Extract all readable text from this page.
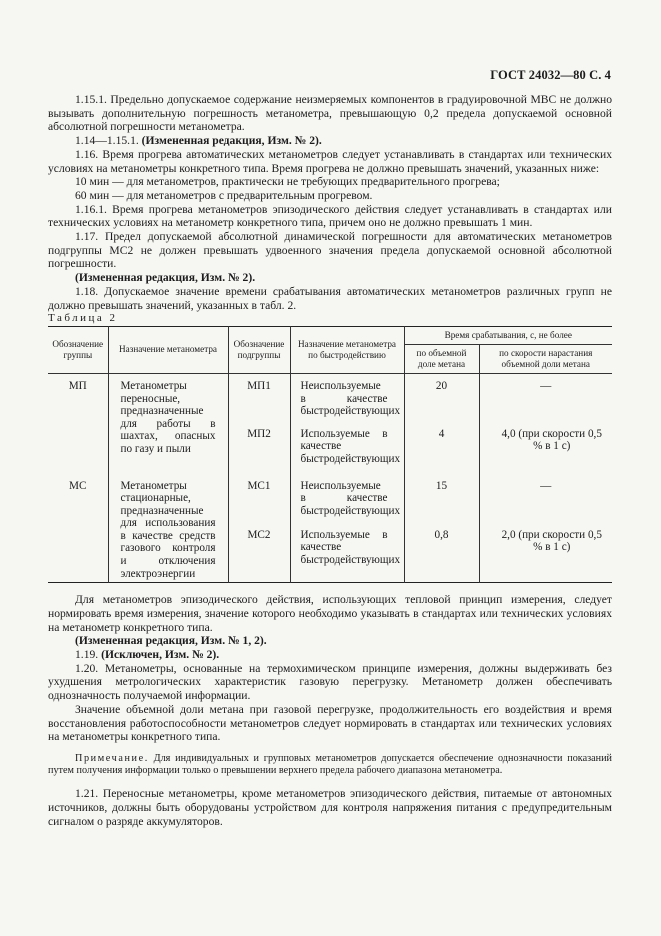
ГОСТ 24032—80 С. 4

1.15.1. Предельно допускаемое содержание неизмеряемых компонентов в градуировочной МВС не должно вызывать дополнительную погрешность метанометра, превышающую 0,2 предела допускаемой основной абсолютной погрешности метанометра.

1.14—1.15.1. (Измененная редакция, Изм. № 2).

1.16. Время прогрева автоматических метанометров следует устанавливать в стандартах или технических условиях на метанометры конкретного типа. Время прогрева не должно превышать значений, указанных ниже:

10 мин — для метанометров, практически не требующих предварительного прогрева;

60 мин — для метанометров с предварительным прогревом.

1.16.1. Время прогрева метанометров эпизодического действия следует устанавливать в стандартах или технических условиях на метанометр конкретного типа, причем оно не должно превышать 1 мин.

1.17. Предел допускаемой абсолютной динамической погрешности для автоматических метанометров подгруппы МС2 не должен превышать удвоенного значения предела допускаемой основной абсолютной погрешности.

(Измененная редакция, Изм. № 2).

1.18. Допускаемое значение времени срабатывания автоматических метанометров различных групп не должно превышать значений, указанных в табл. 2.

Таблица 2

Обозначение группы	Назначение метанометра	Обозначение подгруппы	Назначение метанометра по быстродействию	Время срабатывания, с, не более	
				по объемной доле метана	по скорости нарастания объемной доли метана
МП	Метанометры переносные, предназначенные для работы в шахтах, опасных по газу и пыли	МП1	Неиспользуемые в качестве быстродействующих	20	—
		МП2	Используемые в качестве быстродействующих	4	4,0 (при скорости 0,5 % в 1 с)
МС	Метанометры стационарные, предназначенные для использования в качестве средств газового контроля и отключения электроэнергии	МС1	Неиспользуемые в качестве быстродействующих	15	—
		МС2	Используемые в качестве быстродействующих	0,8	2,0 (при скорости 0,5 % в 1 с)

Для метанометров эпизодического действия, использующих тепловой принцип измерения, следует нормировать время измерения, значение которого необходимо указывать в стандартах или технических условиях на метанометр конкретного типа.

(Измененная редакция, Изм. № 1, 2).

1.19. (Исключен, Изм. № 2).

1.20. Метанометры, основанные на термохимическом принципе измерения, должны выдерживать без ухудшения метрологических характеристик газовую перегрузку. Метанометр должен обеспечивать однозначность получаемой информации.

Значение объемной доли метана при газовой перегрузке, продолжительность его воздействия и время восстановления работоспособности метанометров следует нормировать в стандартах или технических условиях на метанометры конкретного типа.

Примечание. Для индивидуальных и групповых метанометров допускается обеспечение однозначности показаний путем получения информации только о превышении верхнего предела рабочего диапазона метанометра.

1.21. Переносные метанометры, кроме метанометров эпизодического действия, питаемые от автономных источников, должны быть оборудованы устройством для контроля напряжения питания с предупредительным сигналом о разряде аккумуляторов.
